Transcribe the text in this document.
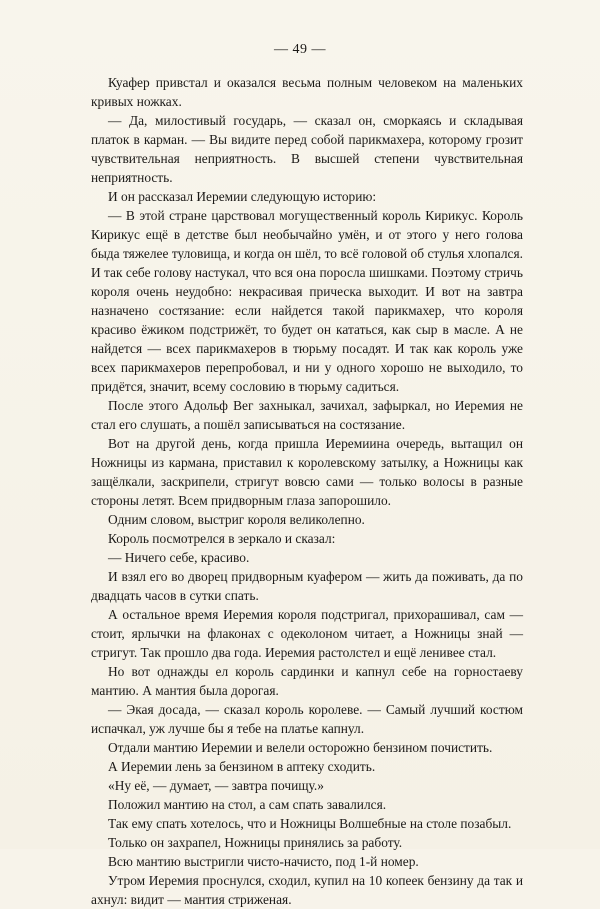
— 49 —

Куафер привстал и оказался весьма полным человеком на маленьких кривых ножках.

— Да, милостивый государь, — сказал он, сморкаясь и складывая платок в карман. — Вы видите перед собой парикмахера, которому грозит чувствительная неприятность. В высшей степени чувствительная неприятность.

И он рассказал Иеремии следующую историю:

— В этой стране царствовал могущественный король Кирикус. Король Кирикус ещё в детстве был необычайно умён, и от этого у него голова быда тяжелее туловища, и когда он шёл, то всё головой об стулья хлопался. И так себе голову настукал, что вся она поросла шишками. Поэтому стричь короля очень неудобно: некрасивая прическа выходит. И вот на завтра назначено состязание: если найдется такой парикмахер, что короля красиво ёжиком подстрижёт, то будет он кататься, как сыр в масле. А не найдется — всех парикмахеров в тюрьму посадят. И так как король уже всех парикмахеров перепробовал, и ни у одного хорошо не выходило, то придётся, значит, всему сословию в тюрьму садиться.

После этого Адольф Вег захныкал, зачихал, зафыркал, но Иеремия не стал его слушать, а пошёл записываться на состязание.

Вот на другой день, когда пришла Иеремиина очередь, вытащил он Ножницы из кармана, приставил к королевскому затылку, а Ножницы как защёлкали, заскрипели, стригут вовсю сами — только волосы в разные стороны летят. Всем придворным глаза запорошило.

Одним словом, выстриг короля великолепно.

Король посмотрелся в зеркало и сказал:

— Ничего себе, красиво.

И взял его во дворец придворным куафером — жить да поживать, да по двадцать часов в сутки спать.

А остальное время Иеремия короля подстригал, прихорашивал, сам — стоит, ярлычки на флаконах с одеколоном читает, а Ножницы знай — стригут. Так прошло два года. Иеремия растолстел и ещё ленивее стал.

Но вот однажды ел король сардинки и капнул себе на горностаеву мантию. А мантия была дорогая.

— Экая досада, — сказал король королеве. — Самый лучший костюм испачкал, уж лучше бы я тебе на платье капнул.

Отдали мантию Иеремии и велели осторожно бензином почистить.

А Иеремии лень за бензином в аптеку сходить.

«Ну её, — думает, — завтра почищу.»

Положил мантию на стол, а сам спать завалился.

Так ему спать хотелось, что и Ножницы Волшебные на столе позабыл.

Только он захрапел, Ножницы принялись за работу.

Всю мантию выстригли чисто-начисто, под 1-й номер.

Утром Иеремия проснулся, сходил, купил на 10 копеек бензину да так и ахнул: видит — мантия стриженая.
